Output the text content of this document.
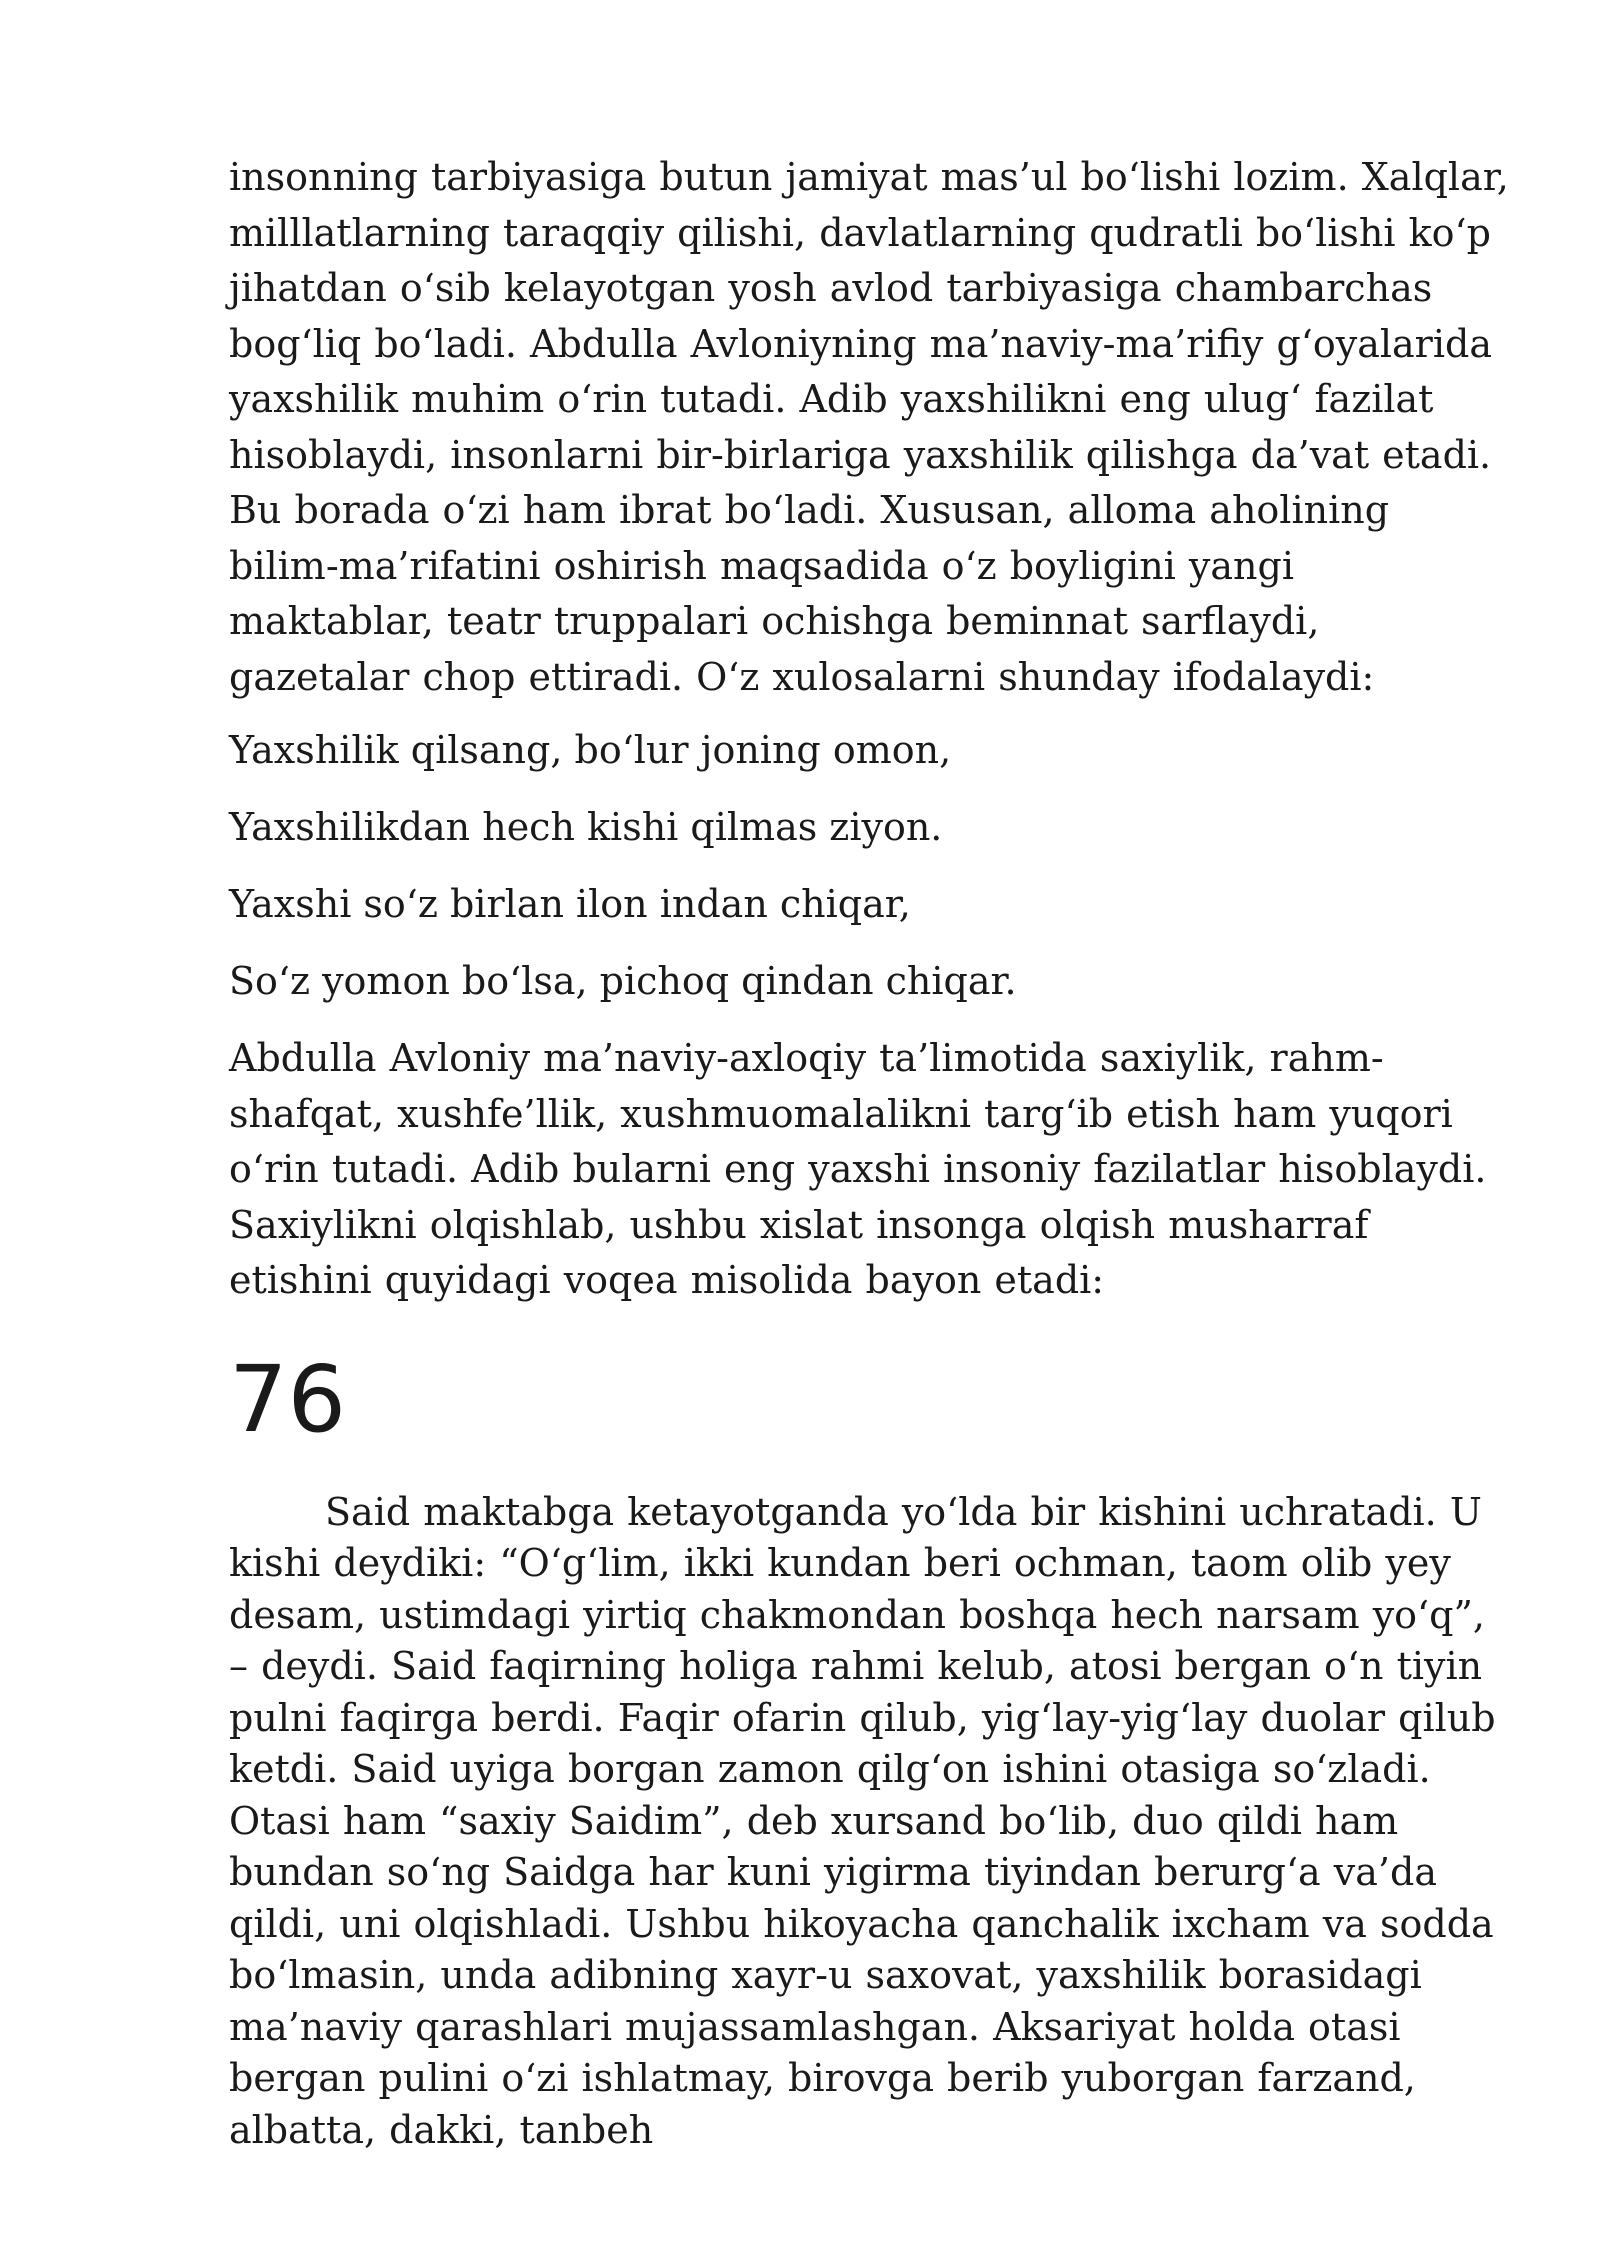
insonning tarbiyasiga butun jamiyat mas’ul bo‘lishi lozim. Xalqlar, milllatlarning taraqqiy qilishi, davlatlarning qudratli bo‘lishi ko‘p jihatdan o‘sib kelayotgan yosh avlod tarbiyasiga chambarchas bog‘liq bo‘ladi. Abdulla Avloniyning ma’naviy-ma’rifiy g‘oyalarida yaxshilik muhim o‘rin tutadi. Adib yaxshilikni eng ulug‘ fazilat hisoblaydi, insonlarni bir-birlariga yaxshilik qilishga da’vat etadi. Bu borada o‘zi ham ibrat bo‘ladi. Xususan, alloma aholining bilim-ma’rifatini oshirish maqsadida o‘z boyligini yangi maktablar, teatr truppalari ochishga beminnat sarflaydi, gazetalar chop ettiradi. O‘z xulosalarni shunday ifodalaydi:

Yaxshilik qilsang, bo‘lur joning omon,

Yaxshilikdan hech kishi qilmas ziyon.

Yaxshi so‘z birlan ilon indan chiqar,

So‘z yomon bo‘lsa, pichoq qindan chiqar.

Abdulla Avloniy ma’naviy-axloqiy ta’limotida saxiylik, rahm-shafqat, xushfe’llik, xushmuomalalikni targ‘ib etish ham yuqori o‘rin tutadi. Adib bularni eng yaxshi insoniy fazilatlar hisoblaydi. Saxiylikni olqishlab, ushbu xislat insonga olqish musharraf etishini quyidagi voqea misolida bayon etadi:

76

Said maktabga ketayotganda yo‘lda bir kishini uchratadi. U kishi deydiki: “O‘g‘lim, ikki kundan beri ochman, taom olib yey desam, ustimdagi yirtiq chakmondan boshqa hech narsam yo‘q”, – deydi. Said faqirning holiga rahmi kelub, atosi bergan o‘n tiyin pulni faqirga berdi. Faqir ofarin qilub, yig‘lay-yig‘lay duolar qilub ketdi. Said uyiga borgan zamon qilg‘on ishini otasiga so‘zladi. Otasi ham “saxiy Saidim”, deb xursand bo‘lib, duo qildi ham bundan so‘ng Saidga har kuni yigirma tiyindan berurg‘a va’da qildi, uni olqishladi. Ushbu hikoyacha qanchalik ixcham va sodda bo‘lmasin, unda adibning xayr-u saxovat, yaxshilik borasidagi ma’naviy qarashlari mujassamlashgan. Aksariyat holda otasi bergan pulini o‘zi ishlatmay, birovga berib yuborgan farzand, albatta, dakki, tanbeh
